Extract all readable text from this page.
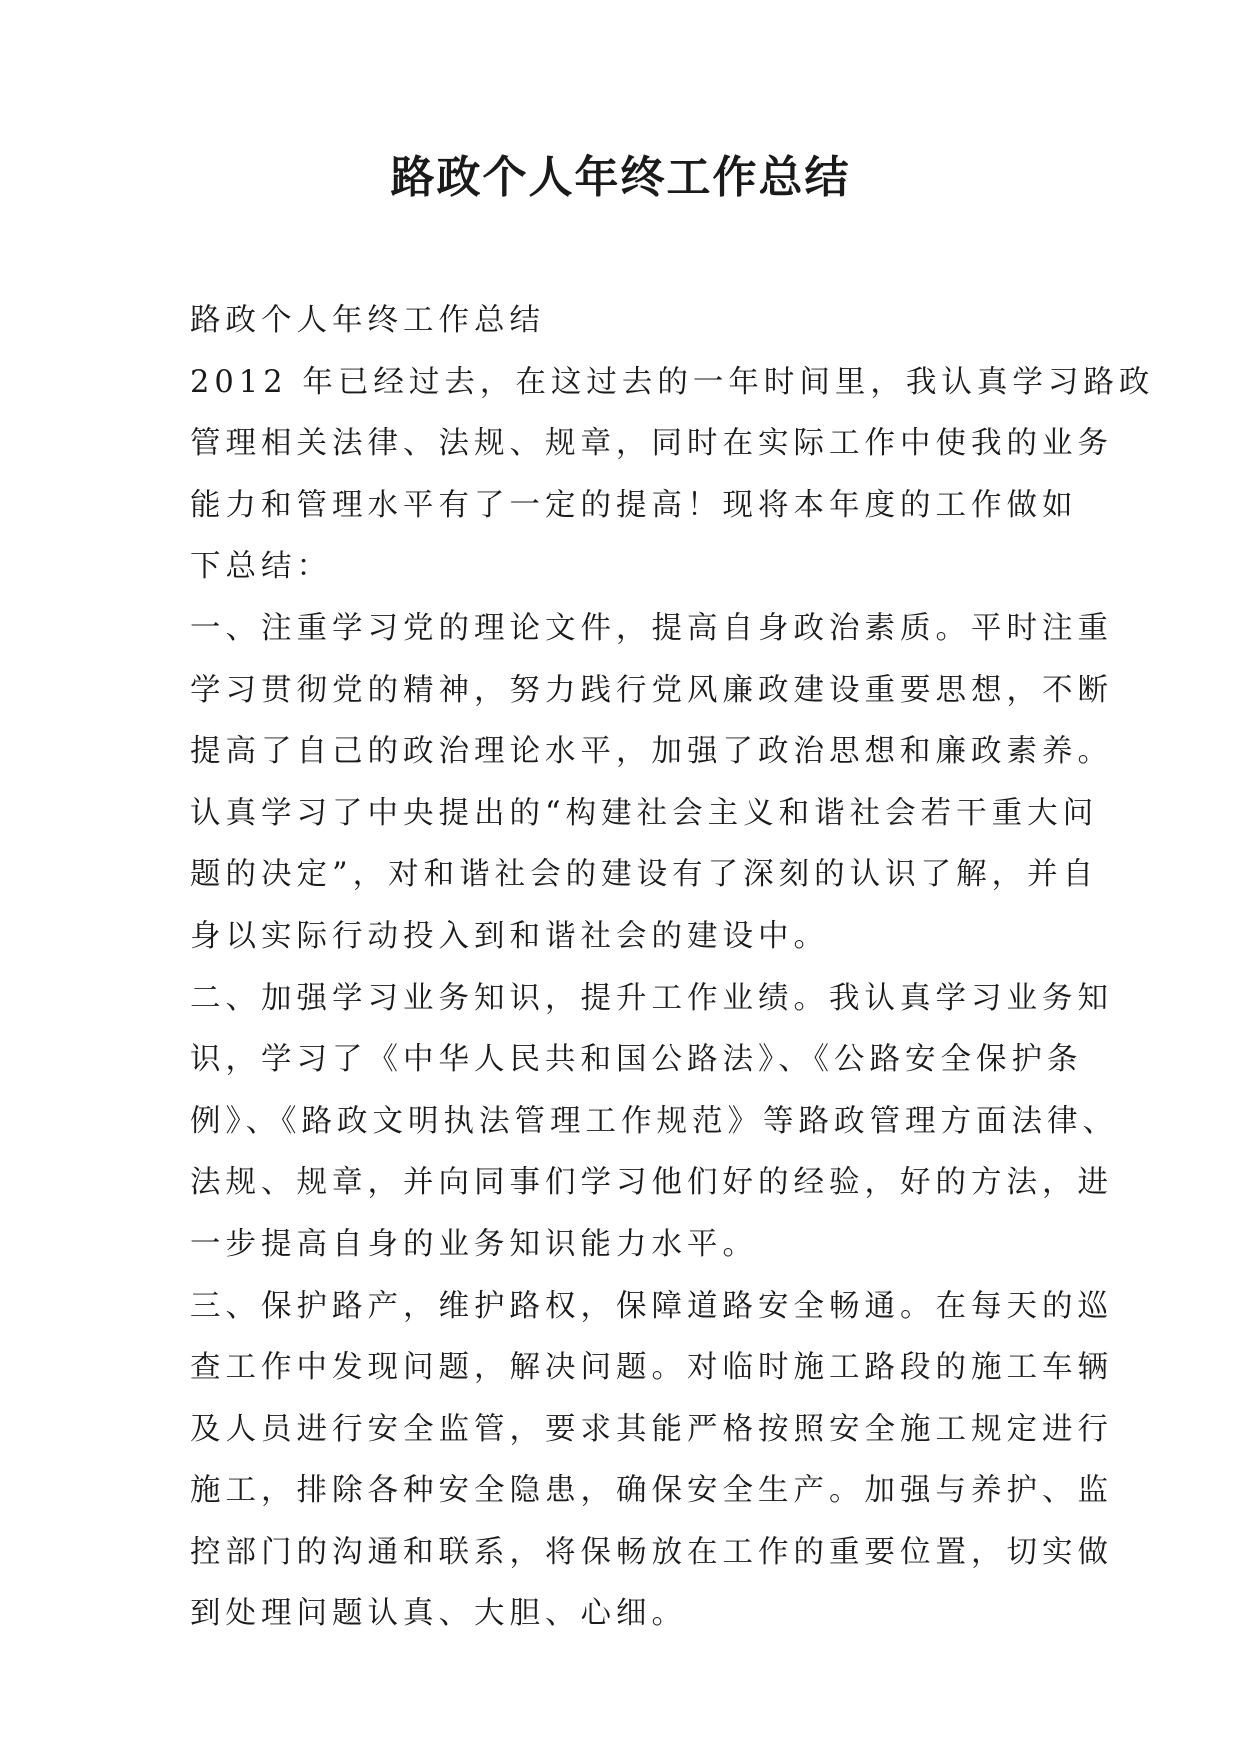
路政个人年终工作总结
路政个人年终工作总结
2012 年已经过去，在这过去的一年时间里，我认真学习路政
管理相关法律、法规、规章，同时在实际工作中使我的业务
能力和管理水平有了一定的提高！现将本年度的工作做如
下总结：
一、注重学习党的理论文件，提高自身政治素质。平时注重
学习贯彻党的精神，努力践行党风廉政建设重要思想，不断
提高了自己的政治理论水平，加强了政治思想和廉政素养。
认真学习了中央提出的“构建社会主义和谐社会若干重大问
题的决定”，对和谐社会的建设有了深刻的认识了解，并自
身以实际行动投入到和谐社会的建设中。
二、加强学习业务知识，提升工作业绩。我认真学习业务知
识，学习了《中华人民共和国公路法》、《公路安全保护条
例》、《路政文明执法管理工作规范》等路政管理方面法律、
法规、规章，并向同事们学习他们好的经验，好的方法，进
一步提高自身的业务知识能力水平。
三、保护路产，维护路权，保障道路安全畅通。在每天的巡
查工作中发现问题，解决问题。对临时施工路段的施工车辆
及人员进行安全监管，要求其能严格按照安全施工规定进行
施工，排除各种安全隐患，确保安全生产。加强与养护、监
控部门的沟通和联系，将保畅放在工作的重要位置，切实做
到处理问题认真、大胆、心细。
